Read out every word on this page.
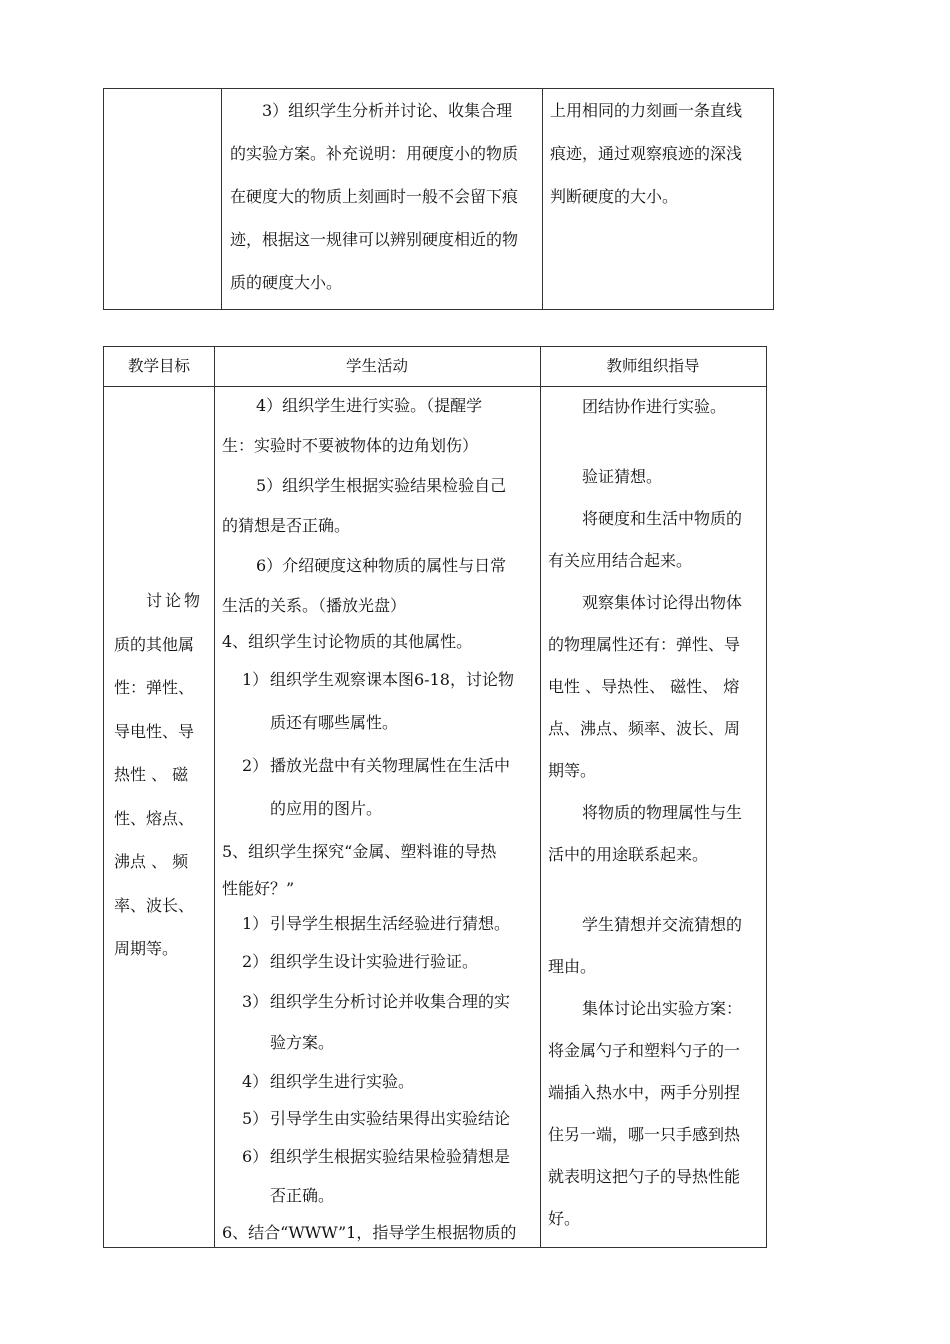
3）组织学生分析并讨论、收集合理
的实验方案。补充说明：用硬度小的物质
在硬度大的物质上刻画时一般不会留下痕
迹，根据这一规律可以辨别硬度相近的物
质的硬度大小。
上用相同的力刻画一条直线
痕迹，通过观察痕迹的深浅
判断硬度的大小。
教学目标	学生活动	教师组织指导
讨论物
质的其他属
性：弹性、
导电性、导
热性 、 磁
性、熔点、
沸点 、 频
率、波长、
周期等。
4）组织学生进行实验。（提醒学
生：实验时不要被物体的边角划伤）
5）组织学生根据实验结果检验自己
的猜想是否正确。
6）介绍硬度这种物质的属性与日常
生活的关系。（播放光盘）
4、组织学生讨论物质的其他属性。
1） 组织学生观察课本图6-18，讨论物
质还有哪些属性。
2） 播放光盘中有关物理属性在生活中
的应用的图片。
5、组织学生探究“金属、塑料谁的导热
性能好？”
1） 引导学生根据生活经验进行猜想。
2） 组织学生设计实验进行验证。
3） 组织学生分析讨论并收集合理的实
验方案。
4） 组织学生进行实验。
5） 引导学生由实验结果得出实验结论
6） 组织学生根据实验结果检验猜想是
否正确。
6、结合“WWW”1，指导学生根据物质的
团结协作进行实验。
验证猜想。
将硬度和生活中物质的
有关应用结合起来。
观察集体讨论得出物体
的物理属性还有：弹性、导
电性 、导热性、 磁性、 熔
点、沸点、频率、波长、周
期等。
将物质的物理属性与生
活中的用途联系起来。
学生猜想并交流猜想的
理由。
集体讨论出实验方案：
将金属勺子和塑料勺子的一
端插入热水中，两手分别捏
住另一端，哪一只手感到热
就表明这把勺子的导热性能
好。
